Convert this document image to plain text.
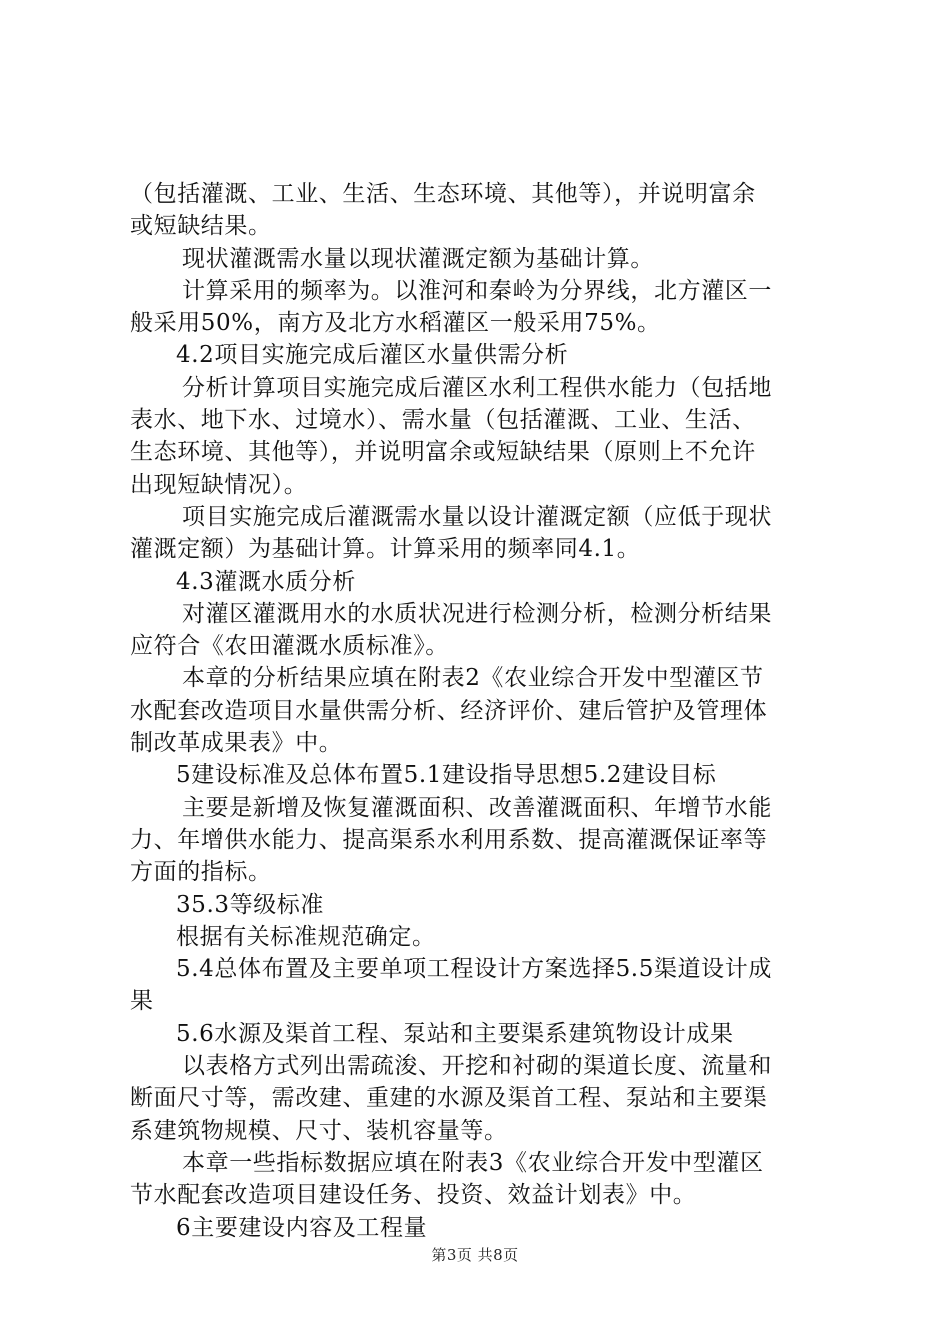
（包括灌溉、工业、生活、生态环境、其他等），并说明富余
或短缺结果。
现状灌溉需水量以现状灌溉定额为基础计算。
计算采用的频率为。以淮河和秦岭为分界线，北方灌区一
般采用50%，南方及北方水稻灌区一般采用75%。
4.2项目实施完成后灌区水量供需分析
分析计算项目实施完成后灌区水利工程供水能力（包括地
表水、地下水、过境水）、需水量（包括灌溉、工业、生活、
生态环境、其他等），并说明富余或短缺结果（原则上不允许
出现短缺情况）。
项目实施完成后灌溉需水量以设计灌溉定额（应低于现状
灌溉定额）为基础计算。计算采用的频率同4.1。
4.3灌溉水质分析
对灌区灌溉用水的水质状况进行检测分析，检测分析结果
应符合《农田灌溉水质标准》。
本章的分析结果应填在附表2《农业综合开发中型灌区节
水配套改造项目水量供需分析、经济评价、建后管护及管理体
制改革成果表》中。
5建设标准及总体布置5.1建设指导思想5.2建设目标
主要是新增及恢复灌溉面积、改善灌溉面积、年增节水能
力、年增供水能力、提高渠系水利用系数、提高灌溉保证率等
方面的指标。
35.3等级标准
根据有关标准规范确定。
5.4总体布置及主要单项工程设计方案选择5.5渠道设计成
果
5.6水源及渠首工程、泵站和主要渠系建筑物设计成果
以表格方式列出需疏浚、开挖和衬砌的渠道长度、流量和
断面尺寸等，需改建、重建的水源及渠首工程、泵站和主要渠
系建筑物规模、尺寸、装机容量等。
本章一些指标数据应填在附表3《农业综合开发中型灌区
节水配套改造项目建设任务、投资、效益计划表》中。
6主要建设内容及工程量
第3页 共8页
